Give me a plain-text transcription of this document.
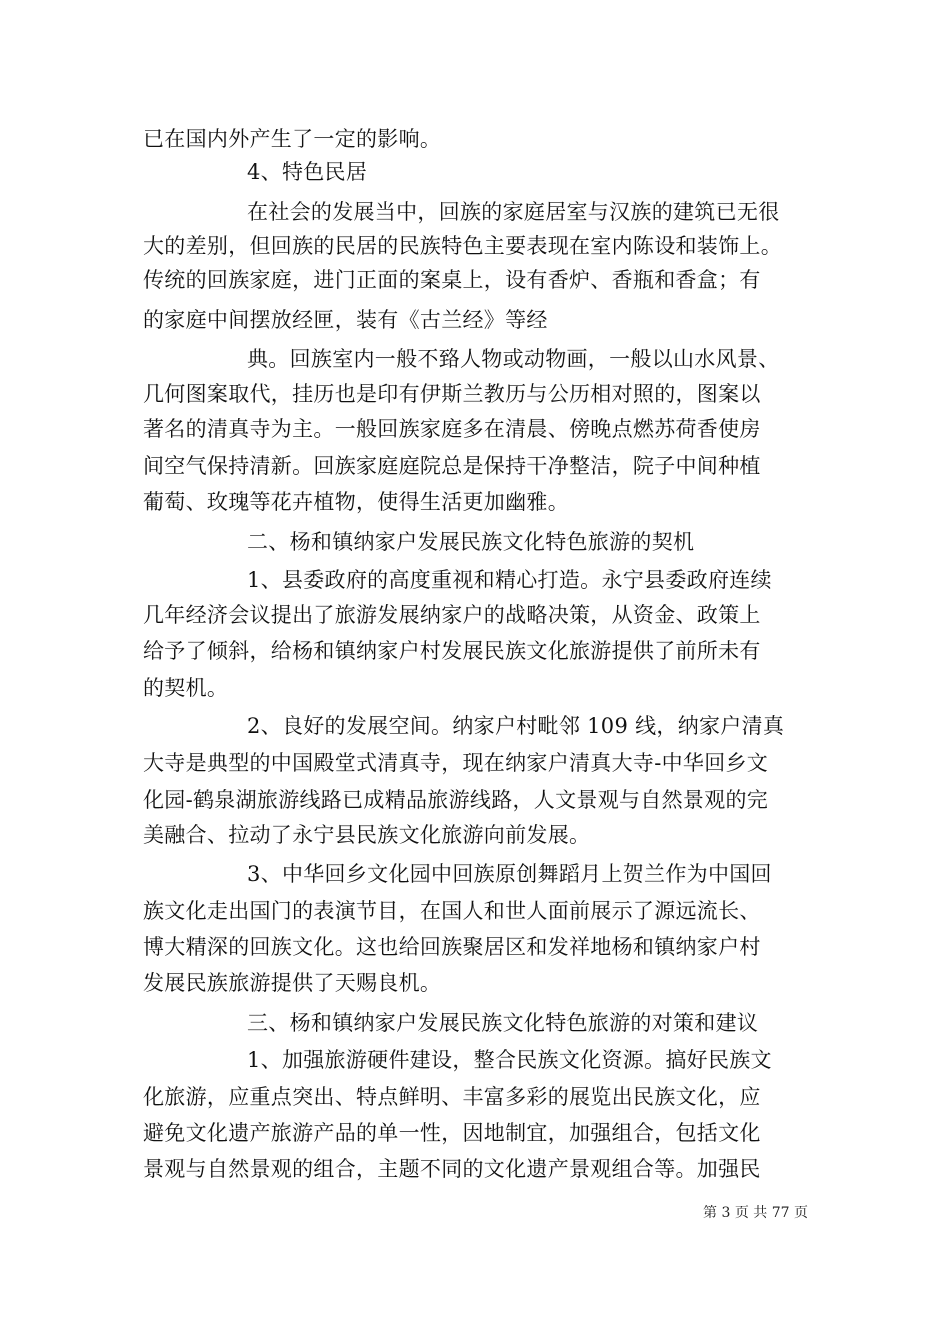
已在国内外产生了一定的影响。
4、特色民居
在社会的发展当中，回族的家庭居室与汉族的建筑已无很
大的差别，但回族的民居的民族特色主要表现在室内陈设和装饰上。
传统的回族家庭，进门正面的案桌上，设有香炉、香瓶和香盒；有
的家庭中间摆放经匣，装有《古兰经》等经
典。回族室内一般不臵人物或动物画，一般以山水风景、
几何图案取代，挂历也是印有伊斯兰教历与公历相对照的，图案以
著名的清真寺为主。一般回族家庭多在清晨、傍晚点燃苏荷香使房
间空气保持清新。回族家庭庭院总是保持干净整洁，院子中间种植
葡萄、玫瑰等花卉植物，使得生活更加幽雅。
二、杨和镇纳家户发展民族文化特色旅游的契机
1、县委政府的高度重视和精心打造。永宁县委政府连续
几年经济会议提出了旅游发展纳家户的战略决策，从资金、政策上
给予了倾斜，给杨和镇纳家户村发展民族文化旅游提供了前所未有
的契机。
2、良好的发展空间。纳家户村毗邻 109 线，纳家户清真
大寺是典型的中国殿堂式清真寺，现在纳家户清真大寺-中华回乡文
化园-鹤泉湖旅游线路已成精品旅游线路，人文景观与自然景观的完
美融合、拉动了永宁县民族文化旅游向前发展。
3、中华回乡文化园中回族原创舞蹈月上贺兰作为中国回
族文化走出国门的表演节目，在国人和世人面前展示了源远流长、
博大精深的回族文化。这也给回族聚居区和发祥地杨和镇纳家户村
发展民族旅游提供了天赐良机。
三、杨和镇纳家户发展民族文化特色旅游的对策和建议
1、加强旅游硬件建设，整合民族文化资源。搞好民族文
化旅游，应重点突出、特点鲜明、丰富多彩的展览出民族文化，应
避免文化遗产旅游产品的单一性，因地制宜，加强组合，包括文化
景观与自然景观的组合，主题不同的文化遗产景观组合等。加强民
第 3 页 共 77 页
